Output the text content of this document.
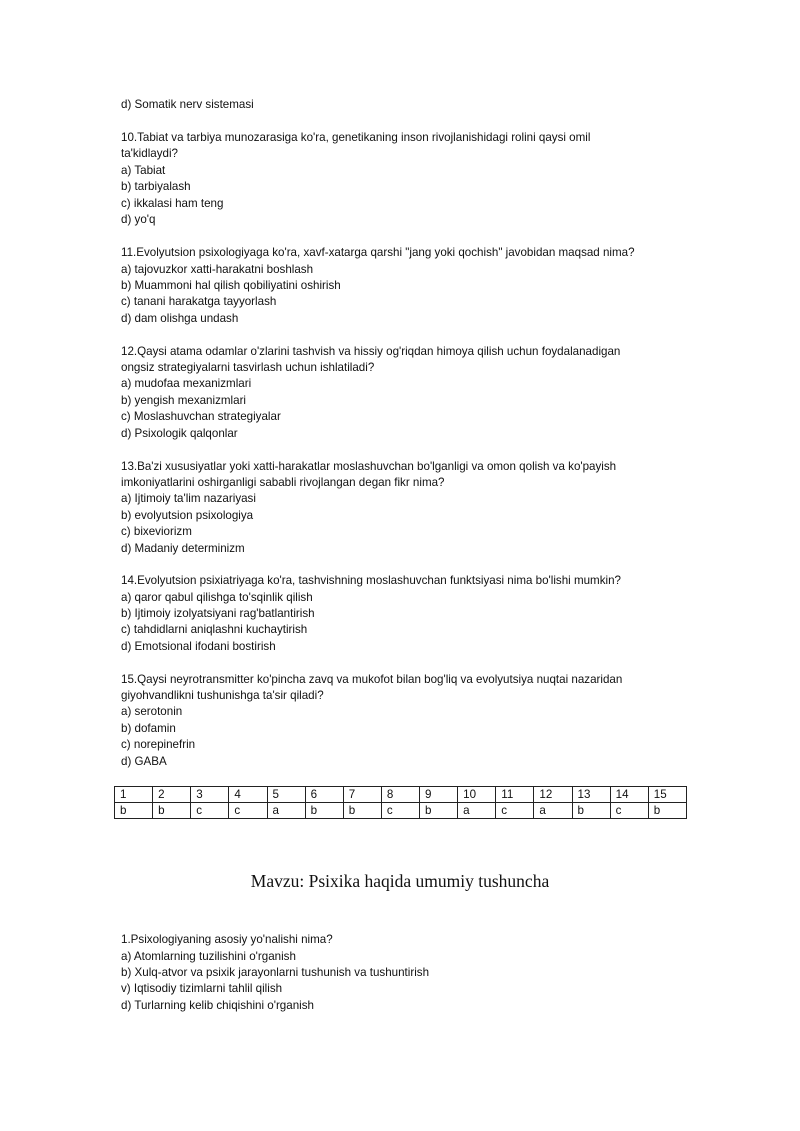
d) Somatik nerv sistemasi
10.Tabiat va tarbiya munozarasiga ko'ra, genetikaning inson rivojlanishidagi rolini qaysi omil
ta'kidlaydi?
a) Tabiat
b) tarbiyalash
c) ikkalasi ham teng
d) yo'q
11.Evolyutsion psixologiyaga ko'ra, xavf-xatarga qarshi "jang yoki qochish" javobidan maqsad nima?
a) tajovuzkor xatti-harakatni boshlash
b) Muammoni hal qilish qobiliyatini oshirish
c) tanani harakatga tayyorlash
d) dam olishga undash
12.Qaysi atama odamlar o'zlarini tashvish va hissiy og'riqdan himoya qilish uchun foydalanadigan
ongsiz strategiyalarni tasvirlash uchun ishlatiladi?
a) mudofaa mexanizmlari
b) yengish mexanizmlari
c) Moslashuvchan strategiyalar
d) Psixologik qalqonlar
13.Ba'zi xususiyatlar yoki xatti-harakatlar moslashuvchan bo'lganligi va omon qolish va ko'payish
imkoniyatlarini oshirganligi sababli rivojlangan degan fikr nima?
a) Ijtimoiy ta'lim nazariyasi
b) evolyutsion psixologiya
c) bixeviorizm
d) Madaniy determinizm
14.Evolyutsion psixiatriyaga ko'ra, tashvishning moslashuvchan funktsiyasi nima bo'lishi mumkin?
a) qaror qabul qilishga to'sqinlik qilish
b) Ijtimoiy izolyatsiyani rag'batlantirish
c) tahdidlarni aniqlashni kuchaytirish
d) Emotsional ifodani bostirish
15.Qaysi neyrotransmitter ko'pincha zavq va mukofot bilan bog'liq va evolyutsiya nuqtai nazaridan
giyohvandlikni tushunishga ta'sir qiladi?
a) serotonin
b) dofamin
c) norepinefrin
d) GABA
1	2	3	4	5	6	7	8	9	10	11	12	13	14	15
b	b	c	c	a	b	b	c	b	a	c	a	b	c	b
Mavzu: Psixika haqida umumiy tushuncha
1.Psixologiyaning asosiy yo'nalishi nima?
a) Atomlarning tuzilishini o'rganish
b) Xulq-atvor va psixik jarayonlarni tushunish va tushuntirish
v) Iqtisodiy tizimlarni tahlil qilish
d) Turlarning kelib chiqishini o'rganish
